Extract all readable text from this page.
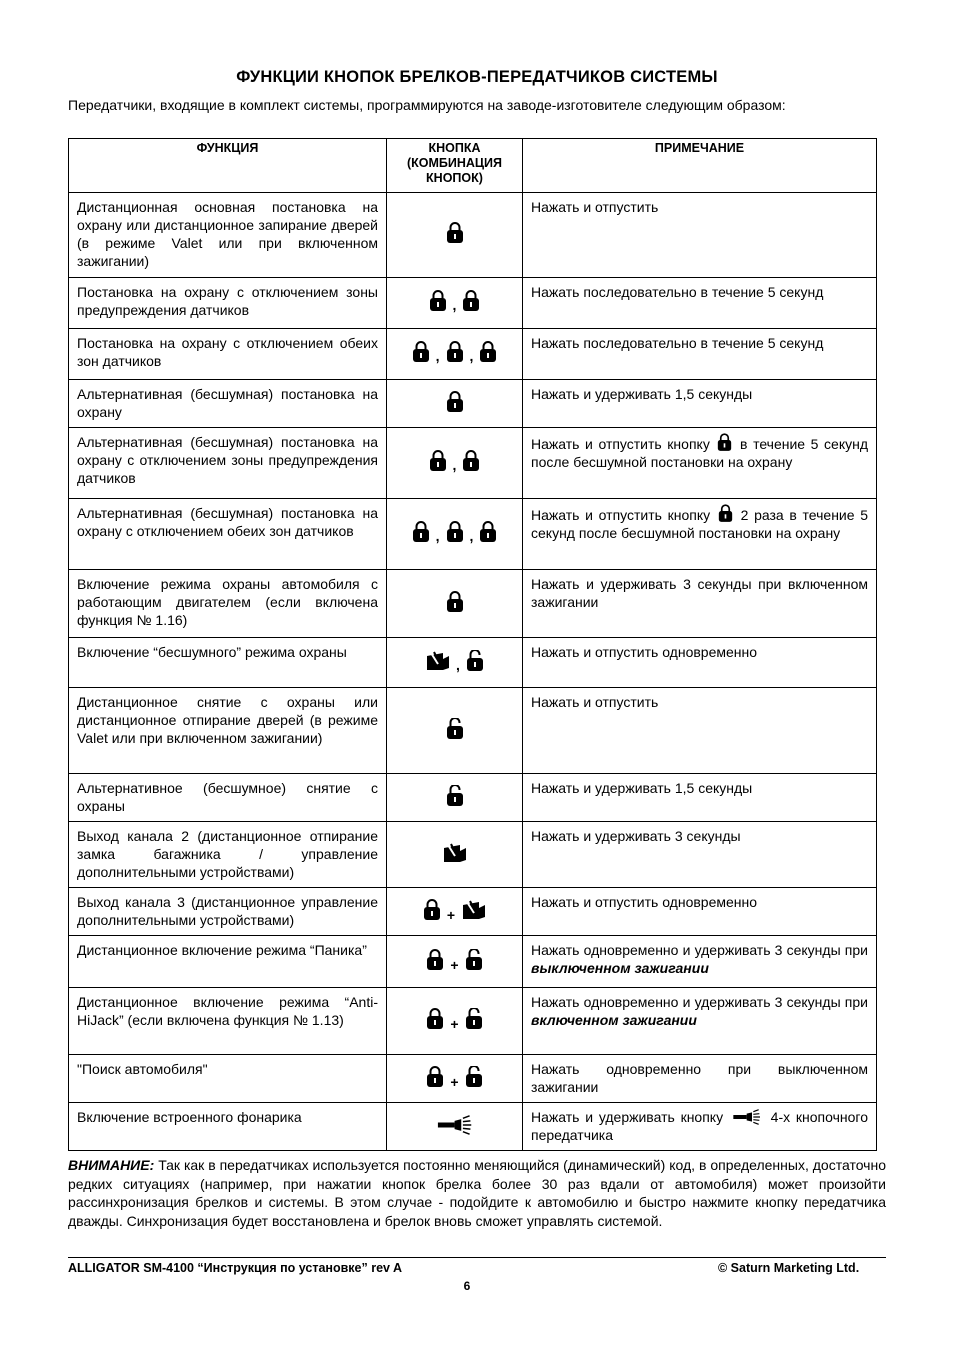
ФУНКЦИИ КНОПОК БРЕЛКОВ-ПЕРЕДАТЧИКОВ СИСТЕМЫ
Передатчики, входящие в комплект системы, программируются на заводе-изготовителе следующим образом:
ФУНКЦИЯ	КНОПКА (КОМБИНАЦИЯ КНОПОК)	ПРИМЕЧАНИЕ
Дистанционная основная постановка на охрану или дистанционное запирание дверей (в режиме Valet или при включенном зажигании)		Нажать и отпустить
Постановка на охрану с отключением зоны предупреждения датчиков	,	Нажать последовательно в течение 5 секунд
Постановка на охрану с отключением обеих зон датчиков	, ,	Нажать последовательно в течение 5 секунд
Альтернативная (бесшумная) постановка на охрану		Нажать и удерживать 1,5 секунды
Альтернативная (бесшумная) постановка на охрану с отключением зоны предупреждения датчиков	,	Нажать и отпустить кнопку в течение 5 секунд после бесшумной постановки на охрану
Альтернативная (бесшумная) постановка на охрану с отключением обеих зон датчиков	, ,	Нажать и отпустить кнопку 2 раза в течение 5 секунд после бесшумной постановки на охрану
Включение режима охраны автомобиля с работающим двигателем (если включена функция № 1.16)		Нажать и удерживать 3 секунды при включенном зажигании
Включение “бесшумного” режима охраны	,	Нажать и отпустить одновременно
Дистанционное снятие с охраны или дистанционное отпирание дверей (в режиме Valet или при включенном зажигании)		Нажать и отпустить
Альтернативное (бесшумное) снятие с охраны		Нажать и удерживать 1,5 секунды
Выход канала 2 (дистанционное отпирание замка багажника / управление дополнительными устройствами)		Нажать и удерживать 3 секунды
Выход канала 3 (дистанционное управление дополнительными устройствами)	+	Нажать и отпустить одновременно
Дистанционное включение режима “Паника”	+	Нажать одновременно и удерживать 3 секунды при выключенном зажигании
Дистанционное включение режима “Anti-HiJack” (если включена функция № 1.13)	+	Нажать одновременно и удерживать 3 секунды при включенном зажигании
"Поиск автомобиля"	+	Нажать одновременно при выключенном зажигании
Включение встроенного фонарика		Нажать и удерживать кнопку 4-х кнопочного передатчика
ВНИМАНИЕ: Так как в передатчиках используется постоянно меняющийся (динамический) код, в определенных, достаточно редких ситуациях (например, при нажатии кнопок брелка более 30 раз вдали от автомобиля) может произойти рассинхронизация брелков и системы. В этом случае - подойдите к автомобилю и быстро нажмите кнопку передатчика дважды. Синхронизация будет восстановлена и брелок вновь сможет управлять системой.
ALLIGATOR SM-4100 “Инструкция по установке” rev A	© Saturn Marketing Ltd.
6
